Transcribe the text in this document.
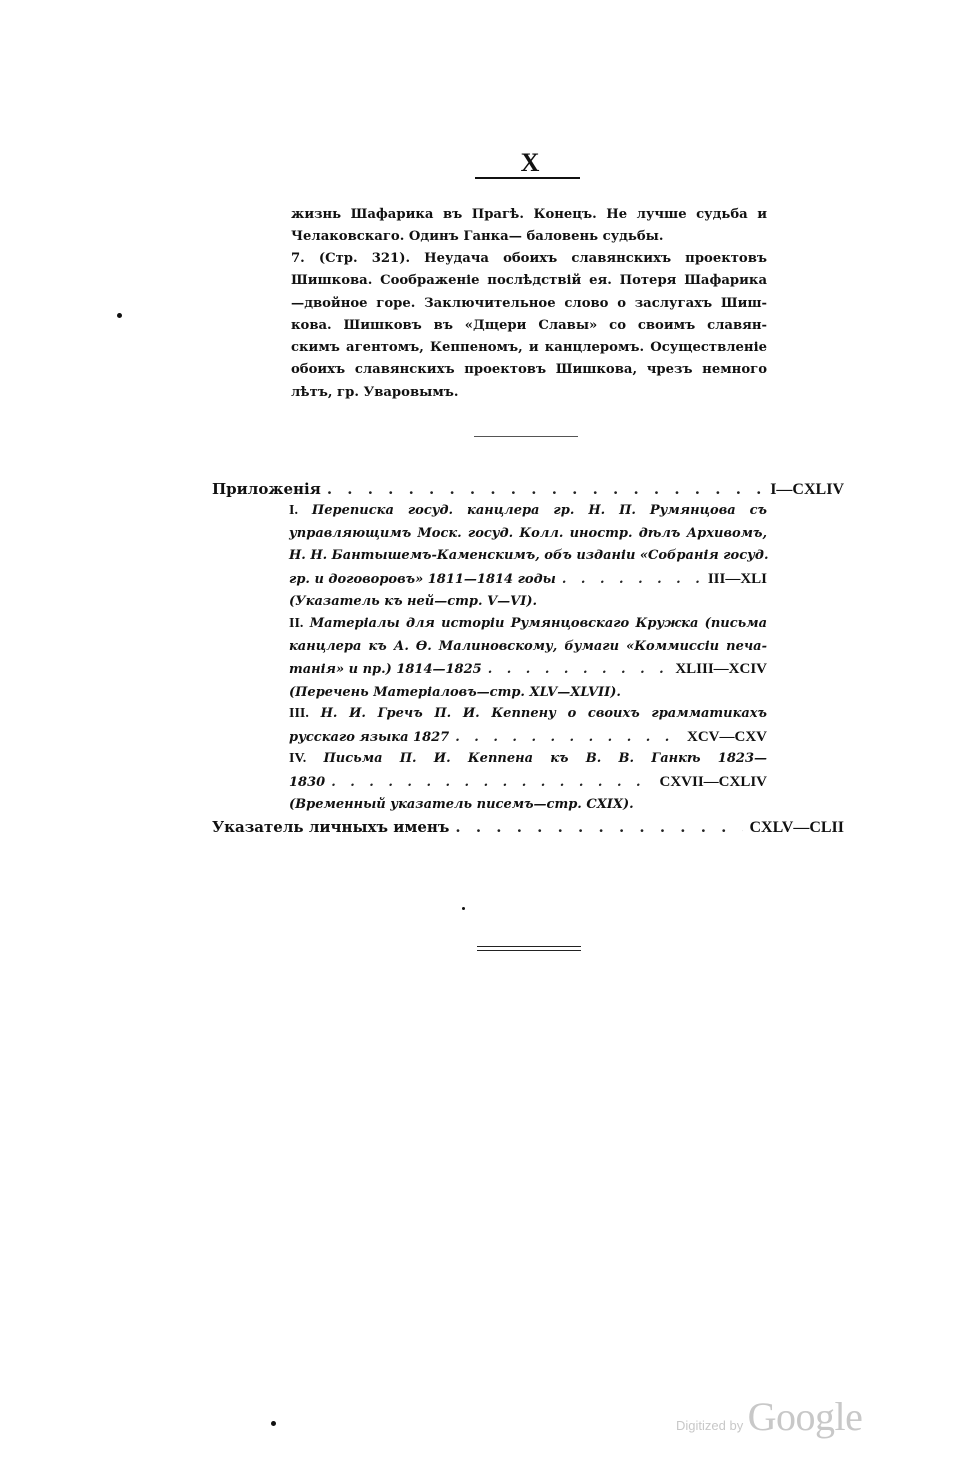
X
жизнь Шафарика въ Прагѣ. Конецъ. Не лучше судьба и
Челаковскаго. Одинъ Ганка— баловень судьбы.
7. (Стр. 321). Неудача обоихъ славянскихъ проектовъ
Шишкова. Соображеніе послѣдствій ея. Потеря Шафарика
—двойное горе. Заключительное слово о заслугахъ Шиш-
кова. Шишковъ въ «Дщери Славы» со своимъ славян-
скимъ агентомъ, Кеппеномъ, и канцлеромъ. Осуществленіе
обоихъ славянскихъ проектовъ Шишкова, чрезъ немного
лѣтъ, гр. Уваровымъ.
Приложенія . . .	I—CXLIV
I. Переписка госуд. канцлера гр. Н. П. Румянцова съ
управляющимъ Моск. госуд. Колл. иностр. дѣлъ Архивомъ,
Н. Н. Бантышемъ-Каменскимъ, объ изданіи «Собранія госуд.
гр. и договоровъ» 1811—1814 годы . . .	III—XLI
(Указатель къ ней—стр. V—VI).
II. Матеріалы для исторіи Румянцовскаго Кружка (письма
канцлера къ А. Ѳ. Малиновскому, бумаги «Коммиссіи печа-
танія» и пр.) 1814—1825 . . .	XLIII—XCIV
(Перечень Матеріаловъ—стр. XLV—XLVII).
III. Н. И. Гречъ П. И. Кеппену о своихъ грамматикахъ
русскаго языка 1827 . . .	XCV—CXV
IV. Письма П. И. Кеппена къ В. В. Ганкѣ 1823—
1830 . . .	CXVII—CXLIV
(Временный указатель писемъ—стр. CXIX).
Указатель личныхъ именъ . . .	CXLV—CLII
Digitized by Google
